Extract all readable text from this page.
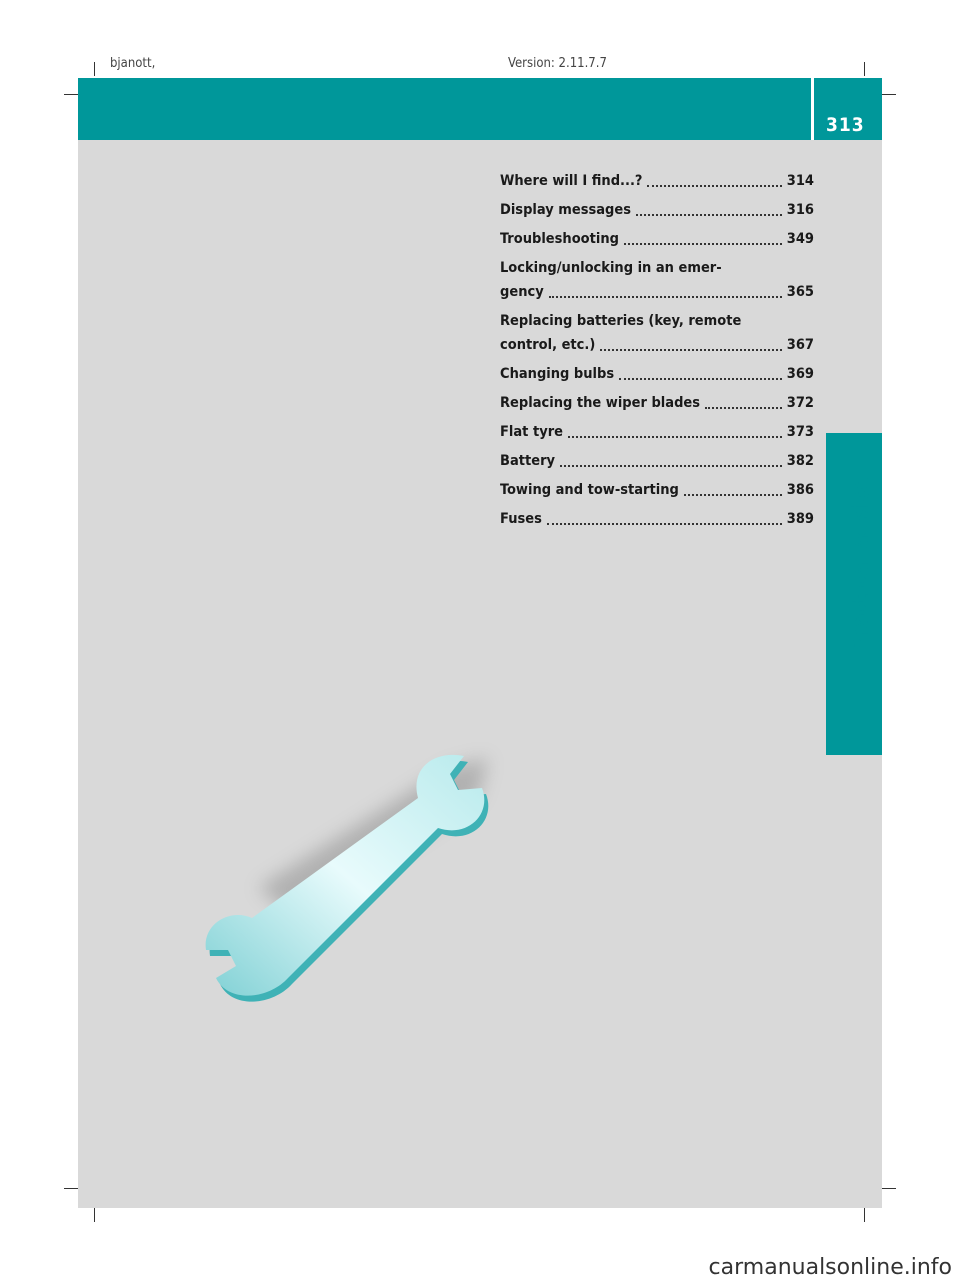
bjanott,	Version: 2.11.7.7
313
Practical advice
Where will I find...?	314
Display messages	316
Troubleshooting	349
Locking/unlocking in an emer-
gency	365
Replacing batteries (key, remote
control, etc.)	367
Changing bulbs	369
Replacing the wiper blades	372
Flat tyre	373
Battery	382
Towing and tow-starting	386
Fuses	389
carmanualsonline.info
